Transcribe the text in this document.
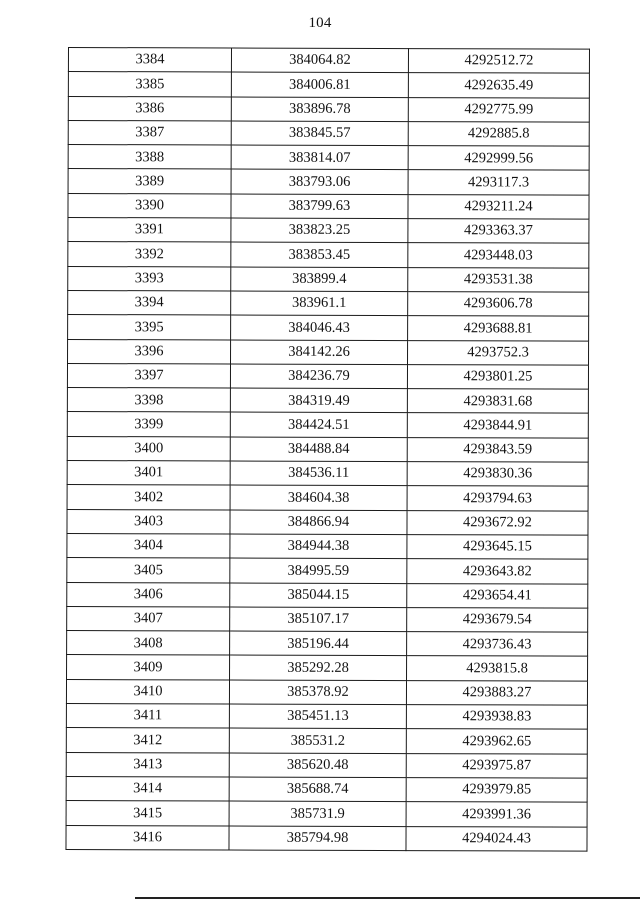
104
3384	384064.82	4292512.72
3385	384006.81	4292635.49
3386	383896.78	4292775.99
3387	383845.57	4292885.8
3388	383814.07	4292999.56
3389	383793.06	4293117.3
3390	383799.63	4293211.24
3391	383823.25	4293363.37
3392	383853.45	4293448.03
3393	383899.4	4293531.38
3394	383961.1	4293606.78
3395	384046.43	4293688.81
3396	384142.26	4293752.3
3397	384236.79	4293801.25
3398	384319.49	4293831.68
3399	384424.51	4293844.91
3400	384488.84	4293843.59
3401	384536.11	4293830.36
3402	384604.38	4293794.63
3403	384866.94	4293672.92
3404	384944.38	4293645.15
3405	384995.59	4293643.82
3406	385044.15	4293654.41
3407	385107.17	4293679.54
3408	385196.44	4293736.43
3409	385292.28	4293815.8
3410	385378.92	4293883.27
3411	385451.13	4293938.83
3412	385531.2	4293962.65
3413	385620.48	4293975.87
3414	385688.74	4293979.85
3415	385731.9	4293991.36
3416	385794.98	4294024.43
